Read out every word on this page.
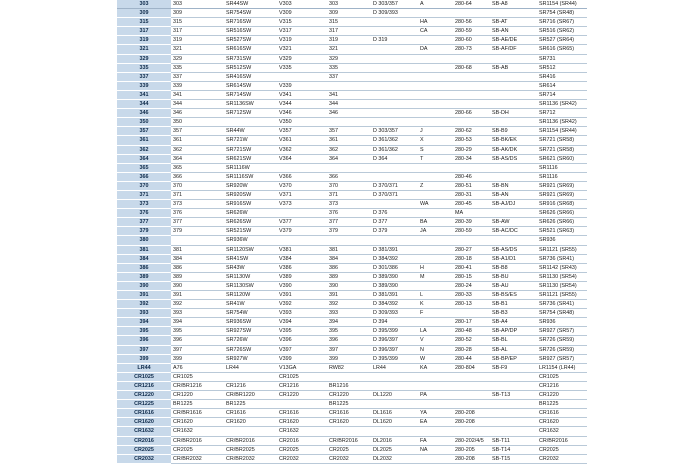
303	303	SR44SW	V303	303	D 303/357	A	280-64	SB-A8	SR1154 (SR44)
309	309	SR754SW	V309	309	D 309/393				SR754 (SR48)
315	315	SR716SW	V315	315		HA	280-56	SB-AT	SR716 (SR67)
317	317	SR516SW	V317	317		CA	280-59	SB-AN	SR516 (SR62)
319	319	SR527SW	V319	319	D 319		280-60	SB-AE/DE	SR527 (SR64)
321	321	SR616SW	V321	321		DA	280-73	SB-AF/DF	SR616 (SR65)
329	329	SR731SW	V329	329					SR731
335	335	SR512SW	V335	335			280-68	SB-AB	SR512
337	337	SR416SW		337					SR416
339	339	SR614SW	V339						SR614
341	341	SR714SW	V341	341					SR714
344	344	SR1136SW	V344	344					SR1136 (SR42)
346	346	SR712SW	V346	346			280-66	SB-DH	SR712
350	350		V350						SR1136 (SR42)
357	357	SR44W	V357	357	D 303/357	J	280-62	SB-B9	SR1154 (SR44)
361	361	SR721W	V361	361	D 361/362	X	280-53	SB-BK/EK	SR721 (SR58)
362	362	SR721SW	V362	362	D 361/362	S	280-29	SB-AK/DK	SR721 (SR58)
364	364	SR621SW	V364	364	D 364	T	280-34	SB-AS/DS	SR621 (SR60)
365	365	SR1116W							SR1116
366	366	SR1116SW	V366	366			280-46		SR1116
370	370	SR920W	V370	370	D 370/371	Z	280-51	SB-BN	SR921 (SR69)
371	371	SR920SW	V371	371	D 370/371		280-31	SB-AN	SR921 (SR69)
373	373	SR916SW	V373	373		WA	280-45	SB-AJ/DJ	SR916 (SR68)
376	376	SR626W		376	D 376		MA		SR626 (SR66)
377	377	SR626SW	V377	377	D 377	BA	280-39	SB-AW	SR626 (SR66)
379	379	SR521SW	V379	379	D 379	JA	280-59	SB-AC/DC	SR521 (SR63)
380		SR936W							SR936
381	381	SR1120SW	V381	381	D 381/391		280-27	SB-AS/DS	SR1121 (SR55)
384	384	SR41SW	V384	384	D 384/392		280-18	SB-A1/D1	SR736 (SR41)
386	386	SR43W	V386	386	D 301/386	H	280-41	SB-B8	SR1142 (SR43)
389	389	SR1130W	V389	389	D 389/390	M	280-15	SB-BU	SR1130 (SR54)
390	390	SR1130SW	V390	390	D 389/390		280-24	SB-AU	SR1130 (SR54)
391	391	SR1120W	V391	391	D 381/391	L	280-33	SB-BS/ES	SR1121 (SR55)
392	392	SR41W	V392	392	D 384/392	K	280-13	SB-B1	SR736 (SR41)
393	393	SR754W	V393	393	D 309/393	F		SB-B3	SR754 (SR48)
394	394	SR936SW	V394	394	D 394		280-17	SB-A4	SR936
395	395	SR927SW	V395	395	D 395/399	LA	280-48	SB-AP/DP	SR927 (SR57)
396	396	SR726W	V396	396	D 396/397	V	280-52	SB-BL	SR726 (SR59)
397	397	SR726SW	V397	397	D 396/397	N	280-28	SB-AL	SR726 (SR59)
399	399	SR927W	V399	399	D 395/399	W	280-44	SB-BP/EP	SR927 (SR57)
LR44	A76	LR44	V13GA	RW82	LR44	KA	280-804	SB-F9	LR1154 (LR44)
CR1025	CR1025		CR1025						CR1025
CR1216	CR/BR1216	CR1216	CR1216	BR1216					CR1216
CR1220	CR1220	CR/BR1220	CR1220	CR1220	DL1220	PA		SB-T13	CR1220
CR1225	BR1225	BR1225		BR1225					BR1225
CR1616	CR/BR1616	CR1616	CR1616	CR1616	DL1616	YA	280-208		CR1616
CR1620	CR1620	CR1620	CR1620	CR1620	DL1620	EA	280-208		CR1620
CR1632	CR1632		CR1632						CR1632
CR2016	CR/BR2016	CR/BR2016	CR2016	CR/BR2016	DL2016	FA	280-202/4/5	SB-T11	CR/BR2016
CR2025	CR2025	CR/BR2025	CR2025	CR2025	DL2025	NA	280-205	SB-T14	CR2025
CR2032	CR/BR2032	CR/BR2032	CR2032	CR2032	DL2032		280-208	SB-T15	CR2032
